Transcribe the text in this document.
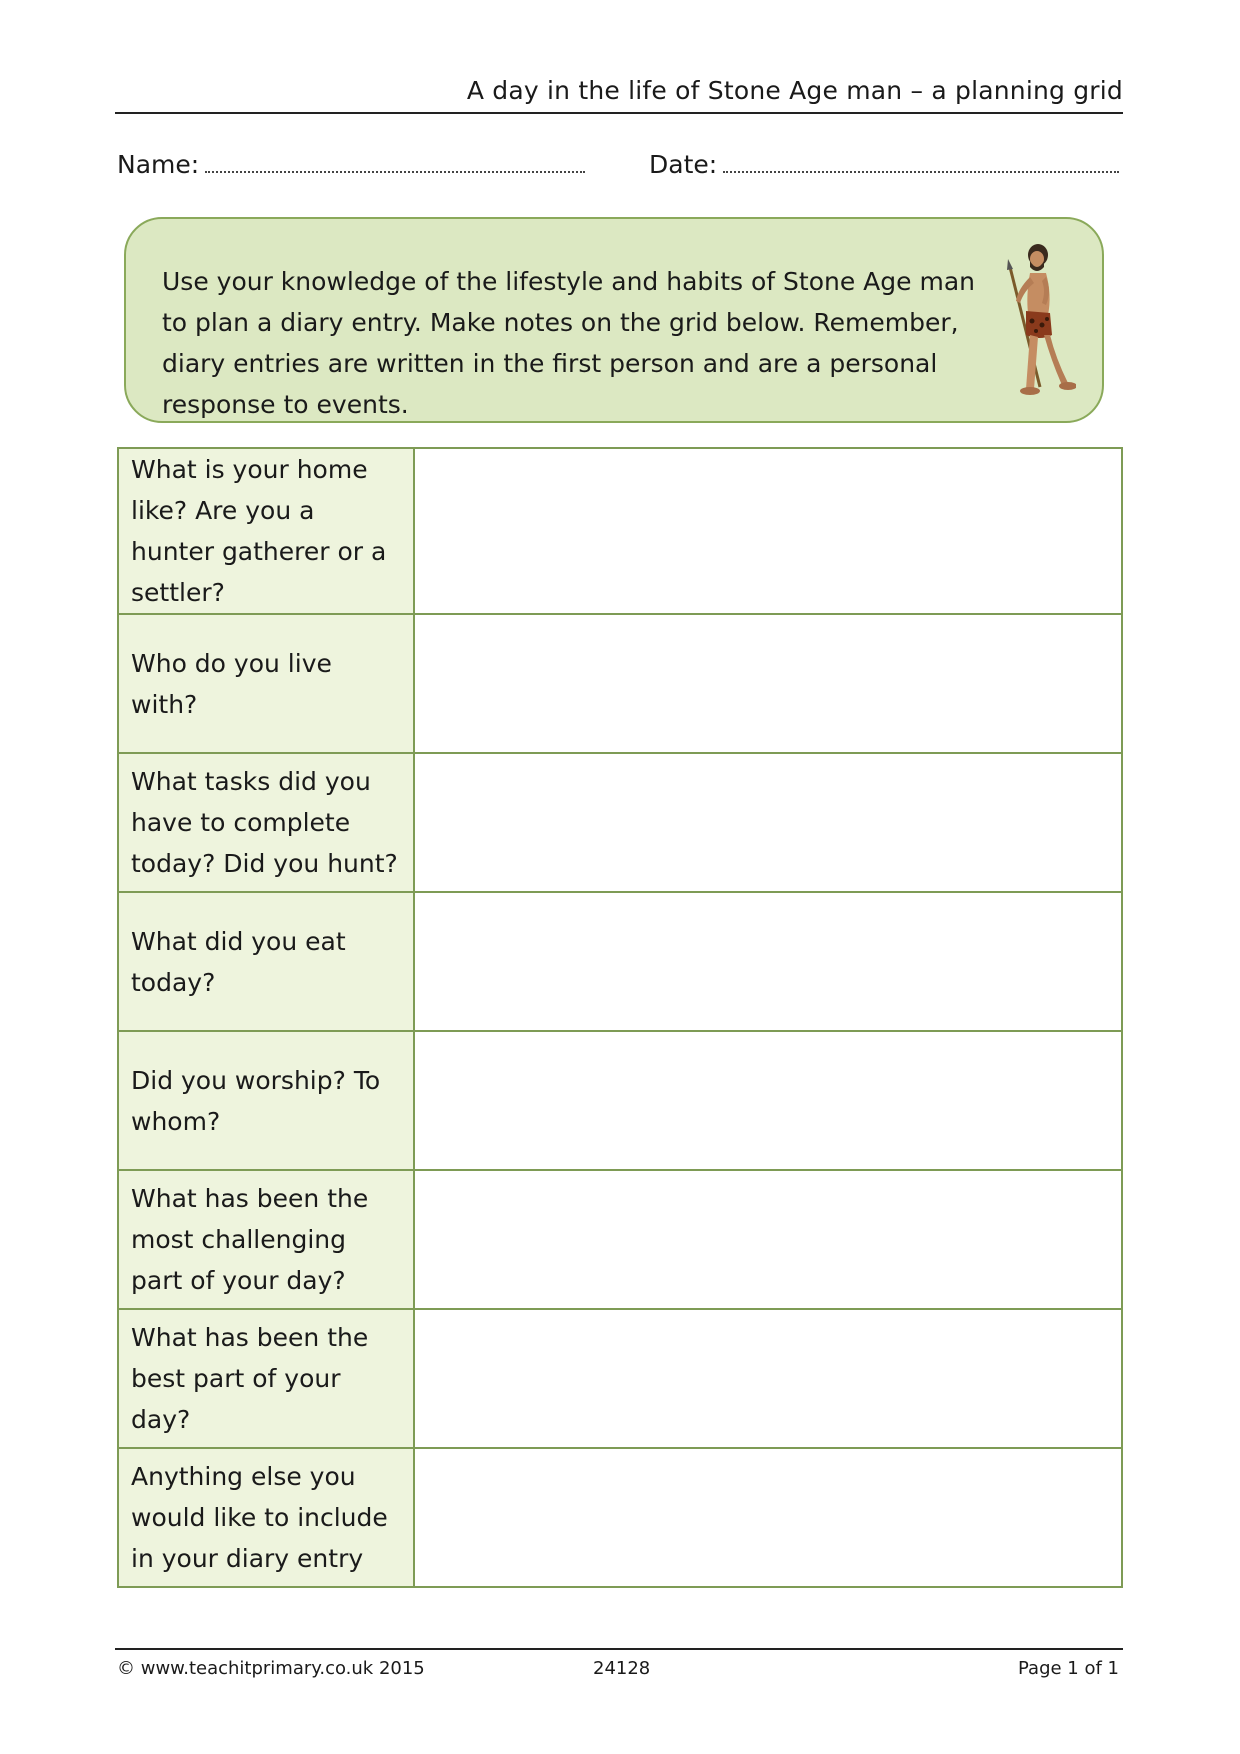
A day in the life of Stone Age man – a planning grid
Name:	Date:
Use your knowledge of the lifestyle and habits of Stone Age man to plan a diary entry. Make notes on the grid below. Remember, diary entries are written in the first person and are a personal response to events.
What is your home like? Are you a hunter gatherer or a settler?	
Who do you live with?	
What tasks did you have to complete today? Did you hunt?	
What did you eat today?	
Did you worship? To whom?	
What has been the most challenging part of your day?	
What has been the best part of your day?	
Anything else you would like to include in your diary entry	
© www.teachitprimary.co.uk 2015	24128	Page 1 of 1
